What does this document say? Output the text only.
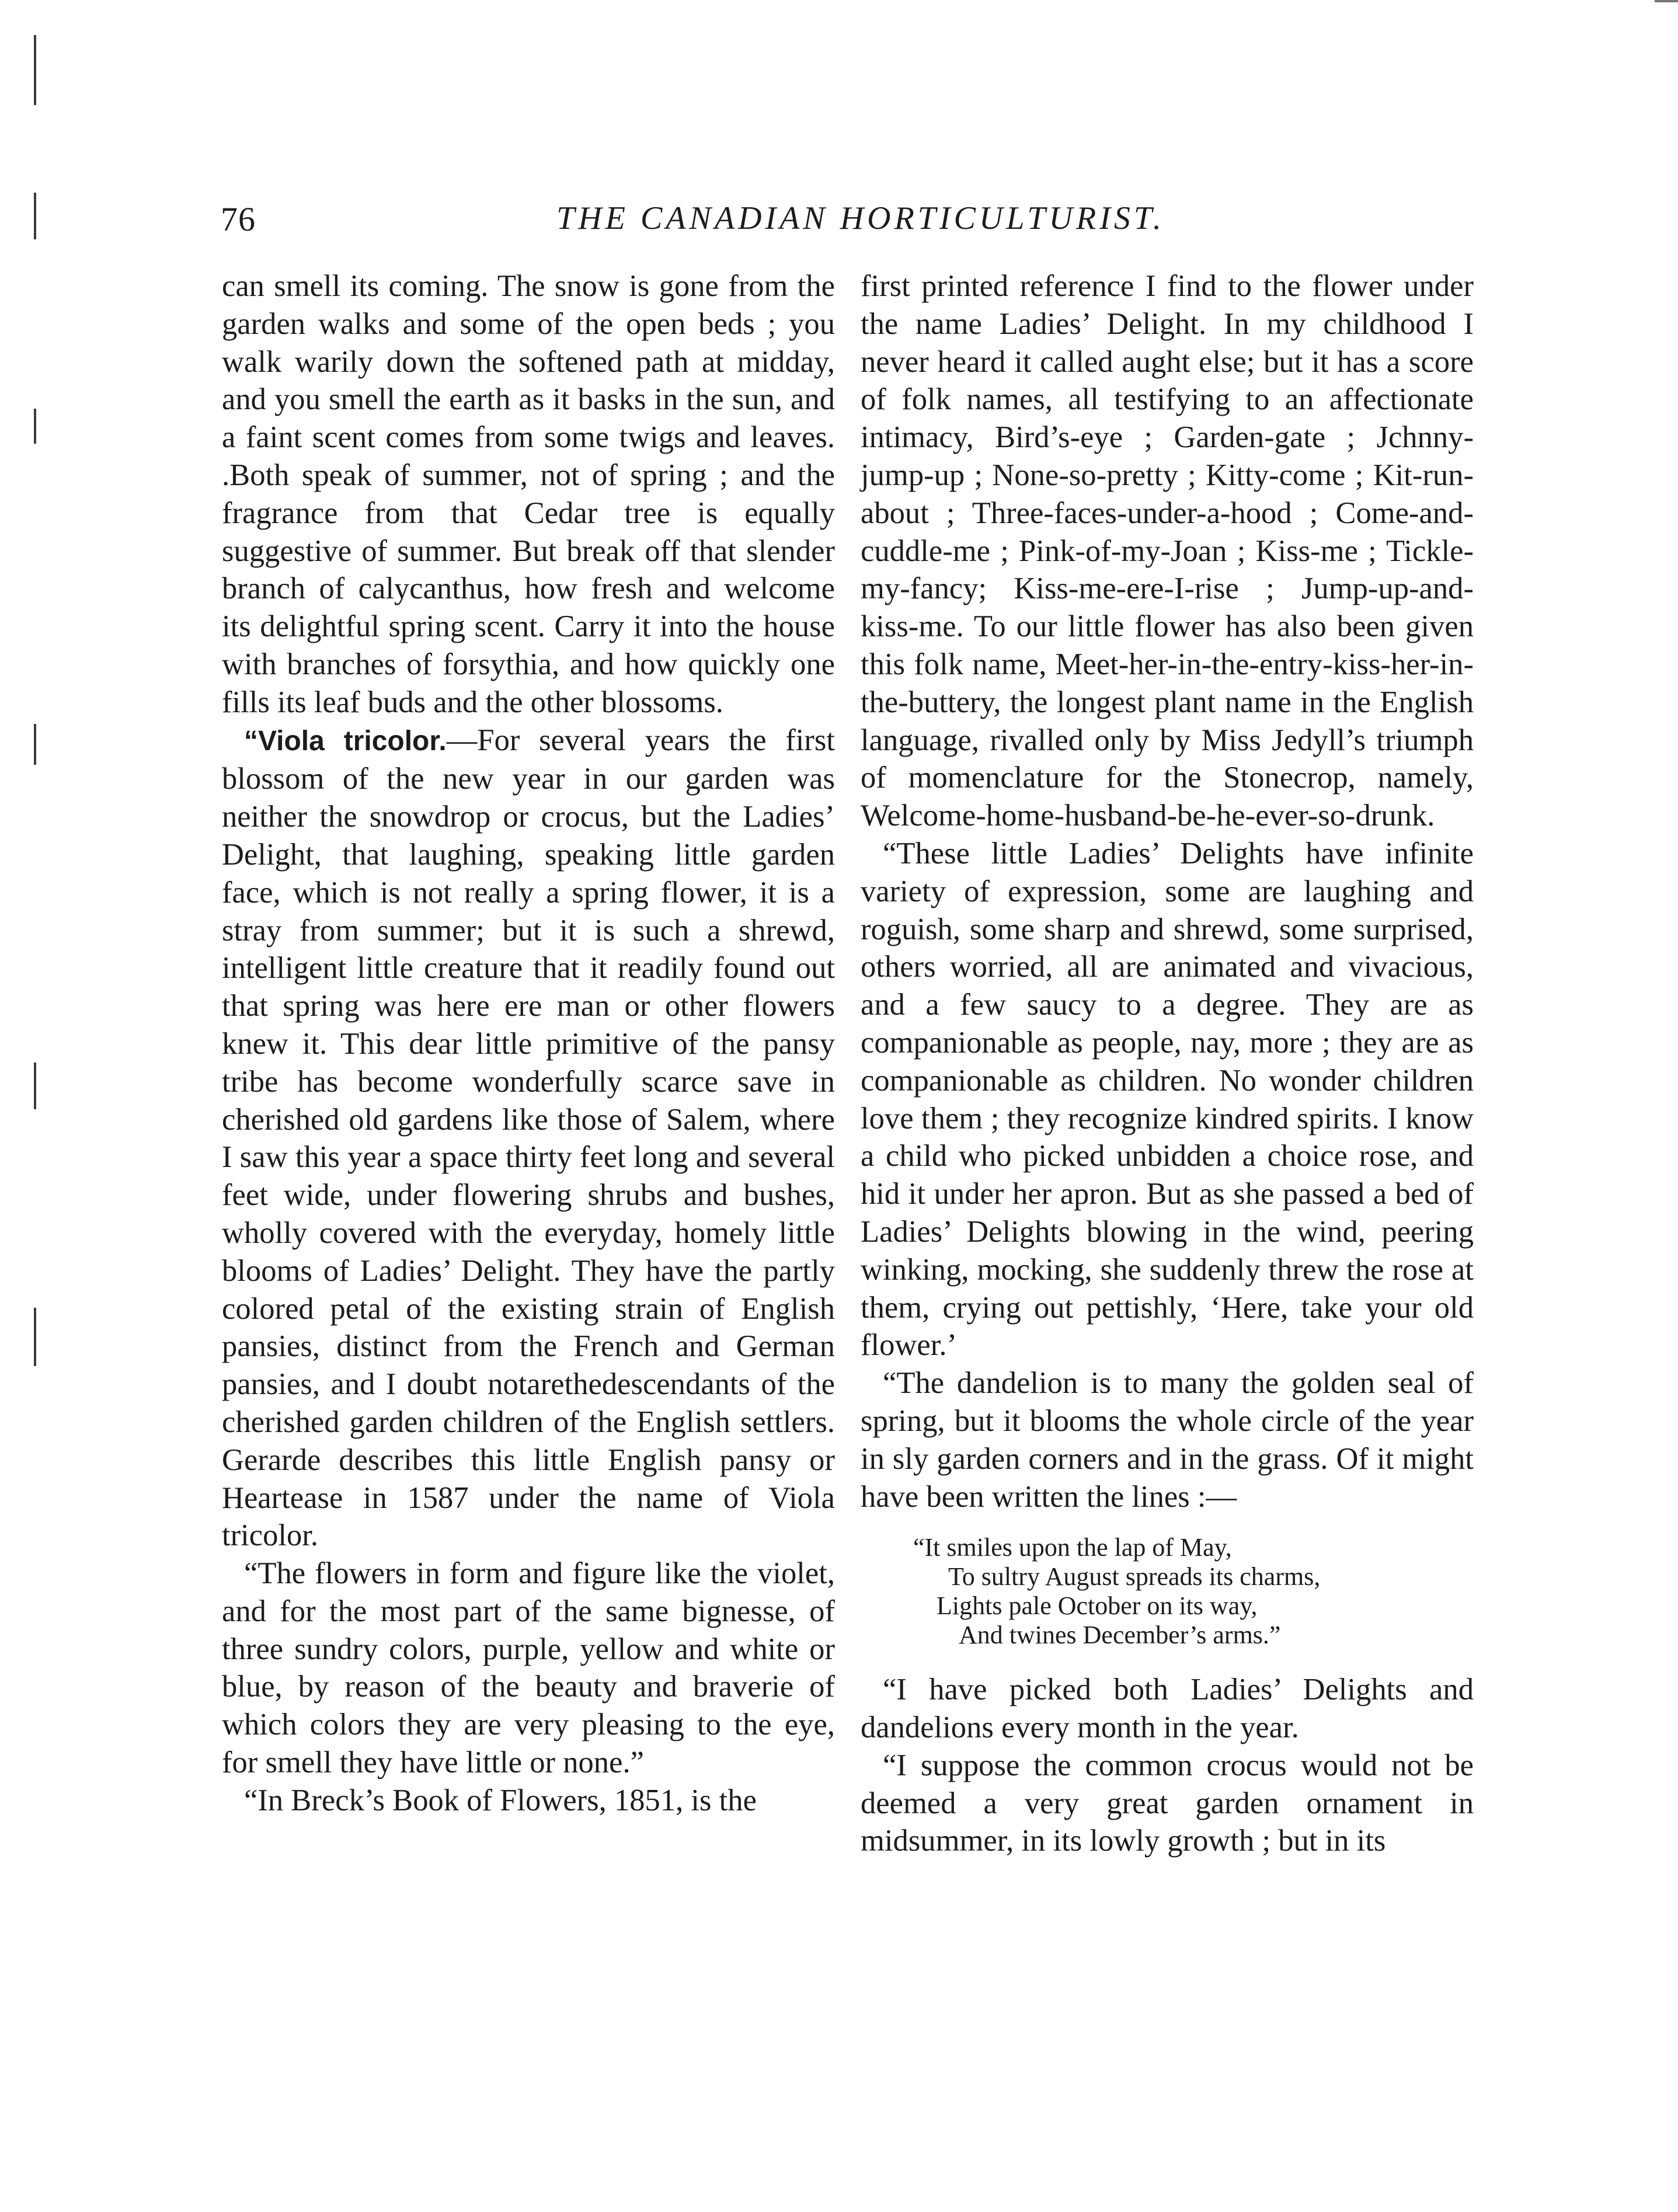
76	THE CANADIAN HORTICULTURIST.

can smell its coming. The snow is gone from the garden walks and some of the open beds ; you walk warily down the softened path at midday, and you smell the earth as it basks in the sun, and a faint scent comes from some twigs and leaves. .Both speak of summer, not of spring ; and the fragrance from that Cedar tree is equally suggestive of summer. But break off that slender branch of calycanthus, how fresh and welcome its delightful spring scent. Carry it into the house with branches of forsythia, and how quickly one fills its leaf buds and the other blossoms.

“Viola tricolor.—For several years the first blossom of the new year in our garden was neither the snowdrop or crocus, but the Ladies’ Delight, that laughing, speaking little garden face, which is not really a spring flower, it is a stray from summer; but it is such a shrewd, intelligent little creature that it readily found out that spring was here ere man or other flowers knew it. This dear little primitive of the pansy tribe has become wonderfully scarce save in cherished old gardens like those of Salem, where I saw this year a space thirty feet long and several feet wide, under flowering shrubs and bushes, wholly covered with the everyday, homely little blooms of Ladies’ Delight. They have the partly colored petal of the existing strain of English pansies, distinct from the French and German pansies, and I doubt notarethedescendants of the cherished garden children of the English settlers. Gerarde describes this little English pansy or Heartease in 1587 under the name of Viola tricolor.

“The flowers in form and figure like the violet, and for the most part of the same bignesse, of three sundry colors, purple, yellow and white or blue, by reason of the beauty and braverie of which colors they are very pleasing to the eye, for smell they have little or none.”

“In Breck’s Book of Flowers, 1851, is the

first printed reference I find to the flower under the name Ladies’ Delight. In my childhood I never heard it called aught else; but it has a score of folk names, all testifying to an affectionate intimacy, Bird’s-eye ; Garden-gate ; Jchnny-jump-up ; None-so-pretty ; Kitty-come ; Kit-run-about ; Three-faces-under-a-hood ; Come-and-cuddle-me ; Pink-of-my-Joan ; Kiss-me ; Tickle-my-fancy; Kiss-me-ere-I-rise ; Jump-up-and-kiss-me. To our little flower has also been given this folk name, Meet-her-in-the-entry-kiss-her-in-the-buttery, the longest plant name in the English language, rivalled only by Miss Jedyll’s triumph of momenclature for the Stonecrop, namely, Welcome-home-husband-be-he-ever-so-drunk.

“These little Ladies’ Delights have infinite variety of expression, some are laughing and roguish, some sharp and shrewd, some surprised, others worried, all are animated and vivacious, and a few saucy to a degree. They are as companionable as people, nay, more ; they are as companionable as children. No wonder children love them ; they recognize kindred spirits. I know a child who picked unbidden a choice rose, and hid it under her apron. But as she passed a bed of Ladies’ Delights blowing in the wind, peering winking, mocking, she suddenly threw the rose at them, crying out pettishly, ‘Here, take your old flower.’

“The dandelion is to many the golden seal of spring, but it blooms the whole circle of the year in sly garden corners and in the grass. Of it might have been written the lines :—

“It smiles upon the lap of May,
To sultry August spreads its charms,
Lights pale October on its way,
And twines December’s arms.”

“I have picked both Ladies’ Delights and dandelions every month in the year.

“I suppose the common crocus would not be deemed a very great garden ornament in midsummer, in its lowly growth ; but in its
